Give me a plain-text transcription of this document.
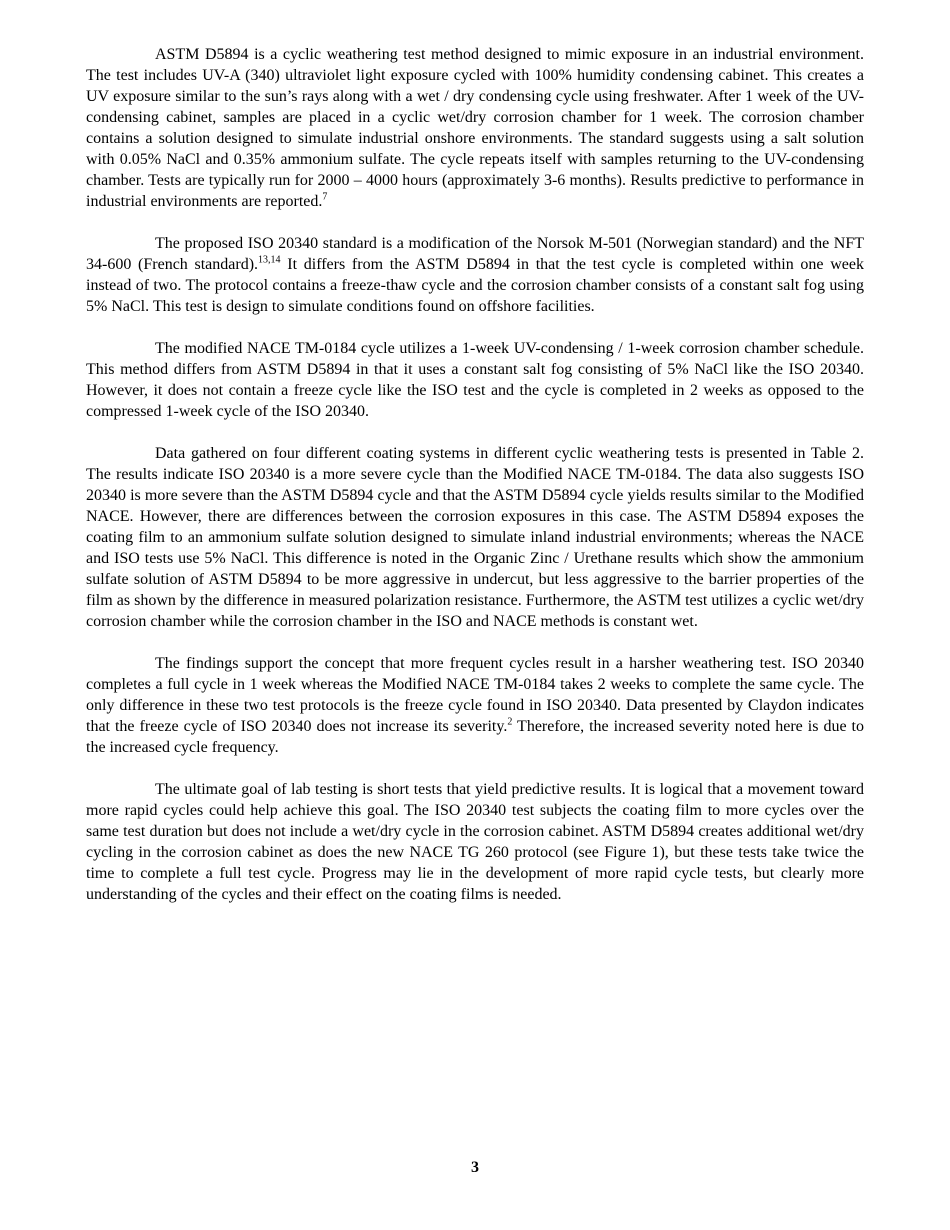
ASTM D5894 is a cyclic weathering test method designed to mimic exposure in an industrial environment. The test includes UV-A (340) ultraviolet light exposure cycled with 100% humidity condensing cabinet. This creates a UV exposure similar to the sun’s rays along with a wet / dry condensing cycle using freshwater. After 1 week of the UV-condensing cabinet, samples are placed in a cyclic wet/dry corrosion chamber for 1 week. The corrosion chamber contains a solution designed to simulate industrial onshore environments. The standard suggests using a salt solution with 0.05% NaCl and 0.35% ammonium sulfate. The cycle repeats itself with samples returning to the UV-condensing chamber. Tests are typically run for 2000 – 4000 hours (approximately 3-6 months). Results predictive to performance in industrial environments are reported.$^7$

The proposed ISO 20340 standard is a modification of the Norsok M-501 (Norwegian standard) and the NFT 34-600 (French standard).$^{13,14}$ It differs from the ASTM D5894 in that the test cycle is completed within one week instead of two. The protocol contains a freeze-thaw cycle and the corrosion chamber consists of a constant salt fog using 5% NaCl. This test is design to simulate conditions found on offshore facilities.

The modified NACE TM-0184 cycle utilizes a 1-week UV-condensing / 1-week corrosion chamber schedule. This method differs from ASTM D5894 in that it uses a constant salt fog consisting of 5% NaCl like the ISO 20340. However, it does not contain a freeze cycle like the ISO test and the cycle is completed in 2 weeks as opposed to the compressed 1-week cycle of the ISO 20340.

Data gathered on four different coating systems in different cyclic weathering tests is presented in Table 2. The results indicate ISO 20340 is a more severe cycle than the Modified NACE TM-0184. The data also suggests ISO 20340 is more severe than the ASTM D5894 cycle and that the ASTM D5894 cycle yields results similar to the Modified NACE. However, there are differences between the corrosion exposures in this case. The ASTM D5894 exposes the coating film to an ammonium sulfate solution designed to simulate inland industrial environments; whereas the NACE and ISO tests use 5% NaCl. This difference is noted in the Organic Zinc / Urethane results which show the ammonium sulfate solution of ASTM D5894 to be more aggressive in undercut, but less aggressive to the barrier properties of the film as shown by the difference in measured polarization resistance. Furthermore, the ASTM test utilizes a cyclic wet/dry corrosion chamber while the corrosion chamber in the ISO and NACE methods is constant wet.

The findings support the concept that more frequent cycles result in a harsher weathering test. ISO 20340 completes a full cycle in 1 week whereas the Modified NACE TM-0184 takes 2 weeks to complete the same cycle. The only difference in these two test protocols is the freeze cycle found in ISO 20340. Data presented by Claydon indicates that the freeze cycle of ISO 20340 does not increase its severity.$^2$ Therefore, the increased severity noted here is due to the increased cycle frequency.

The ultimate goal of lab testing is short tests that yield predictive results. It is logical that a movement toward more rapid cycles could help achieve this goal. The ISO 20340 test subjects the coating film to more cycles over the same test duration but does not include a wet/dry cycle in the corrosion cabinet. ASTM D5894 creates additional wet/dry cycling in the corrosion cabinet as does the new NACE TG 260 protocol (see Figure 1), but these tests take twice the time to complete a full test cycle. Progress may lie in the development of more rapid cycle tests, but clearly more understanding of the cycles and their effect on the coating films is needed.

3
